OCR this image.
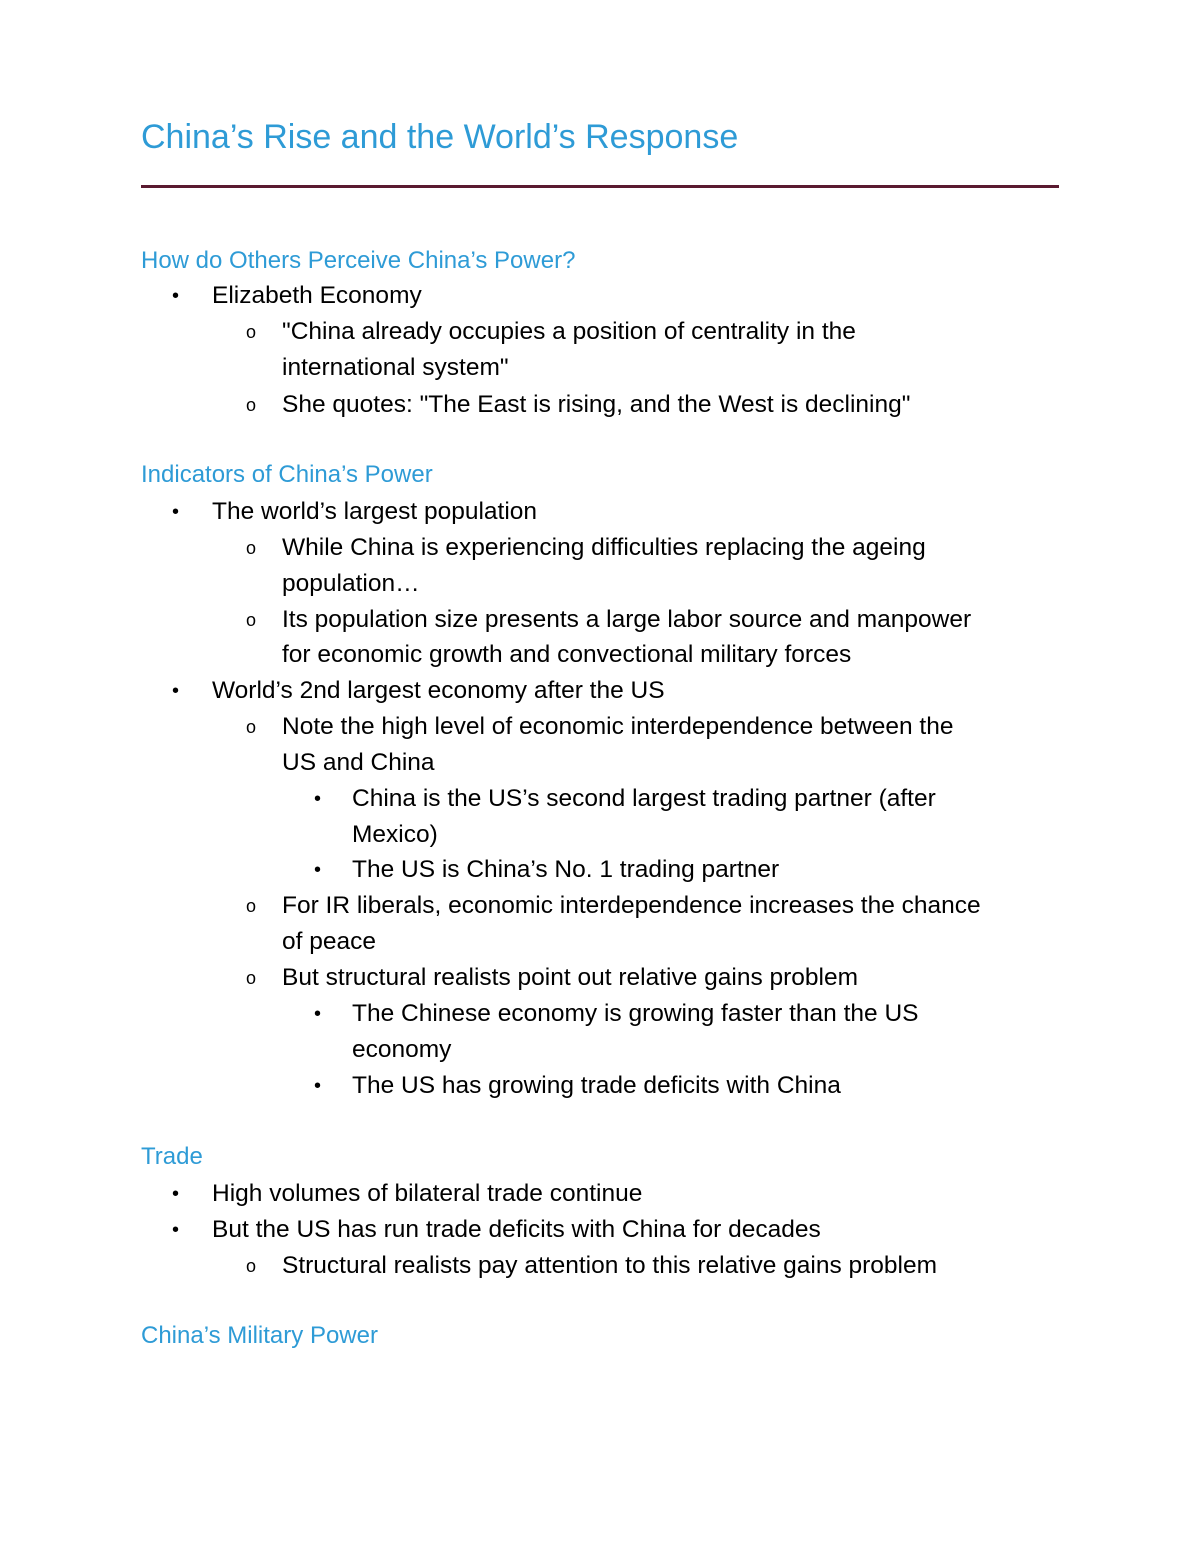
China’s Rise and the World’s Response
How do Others Perceive China’s Power?
• Elizabeth Economy
o "China already occupies a position of centrality in the
international system"
o She quotes: "The East is rising, and the West is declining"
Indicators of China’s Power
• The world’s largest population
o While China is experiencing difficulties replacing the ageing
population…
o Its population size presents a large labor source and manpower
for economic growth and convectional military forces
• World’s 2nd largest economy after the US
o Note the high level of economic interdependence between the
US and China
• China is the US’s second largest trading partner (after
Mexico)
• The US is China’s No. 1 trading partner
o For IR liberals, economic interdependence increases the chance
of peace
o But structural realists point out relative gains problem
• The Chinese economy is growing faster than the US
economy
• The US has growing trade deficits with China
Trade
• High volumes of bilateral trade continue
• But the US has run trade deficits with China for decades
o Structural realists pay attention to this relative gains problem
China’s Military Power
